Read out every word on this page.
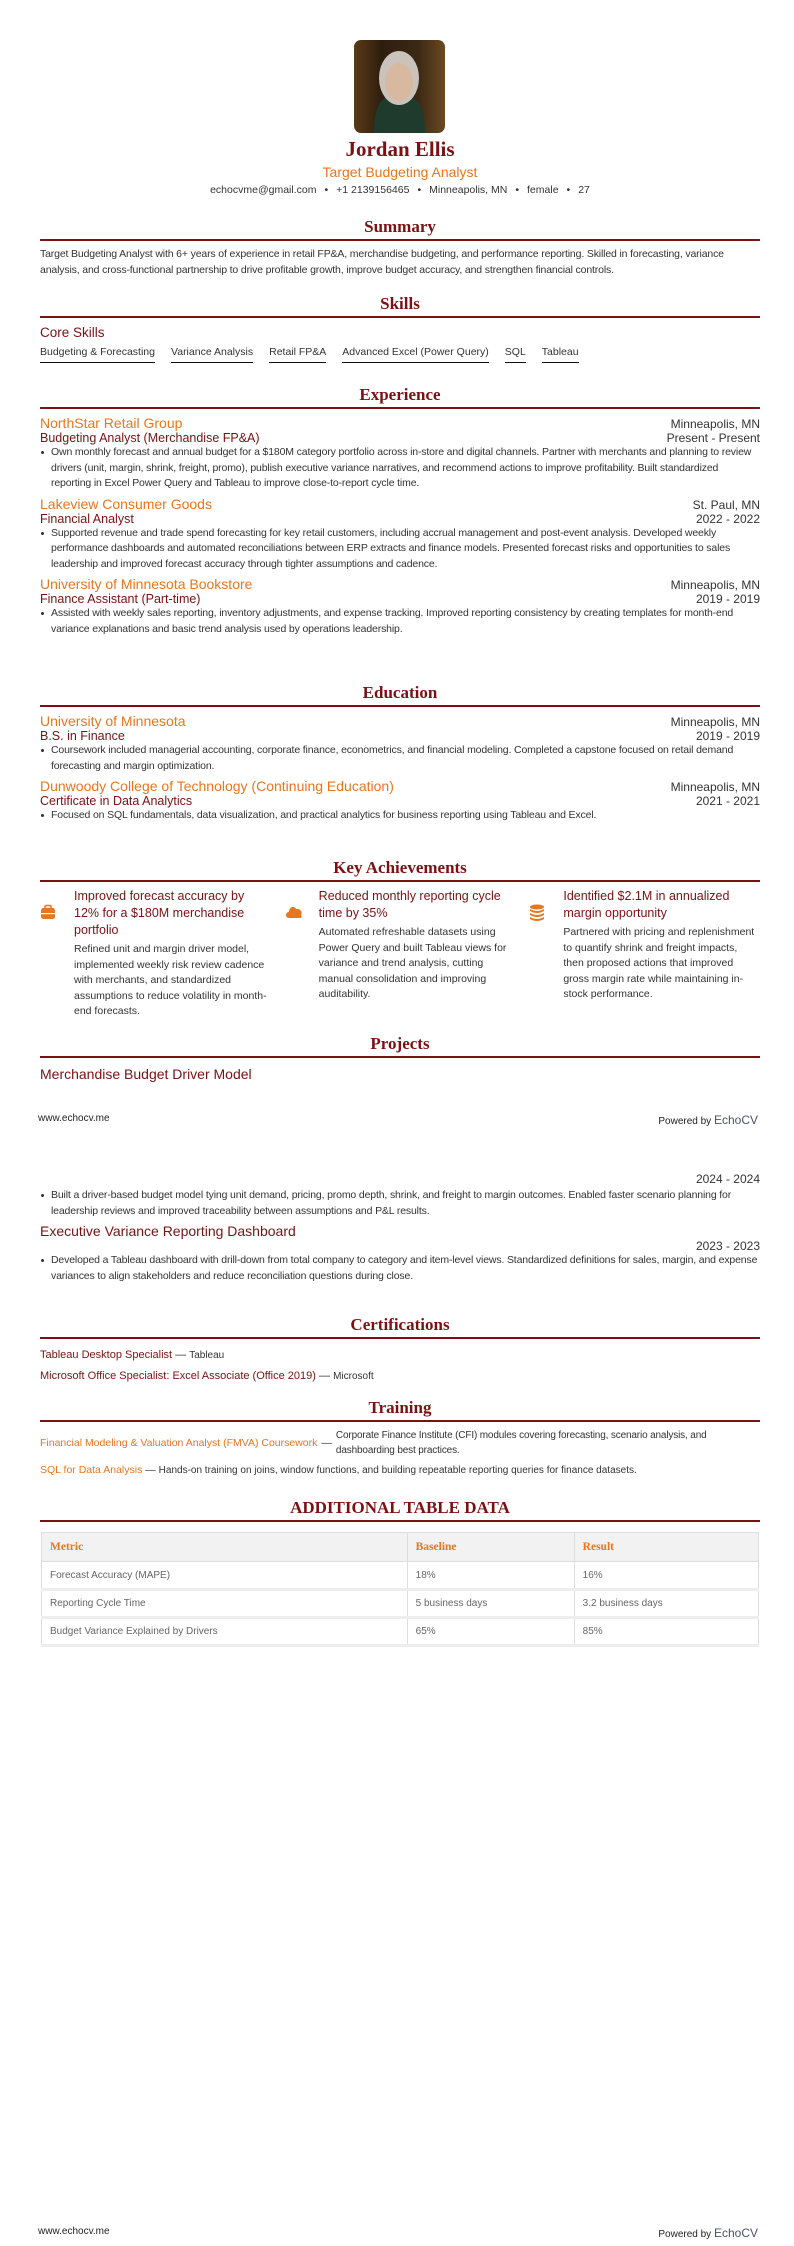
Jordan Ellis
Target Budgeting Analyst
echocvme@gmail.com • +1 2139156465 • Minneapolis, MN • female • 27
Summary
Target Budgeting Analyst with 6+ years of experience in retail FP&A, merchandise budgeting, and performance reporting. Skilled in forecasting, variance analysis, and cross-functional partnership to drive profitable growth, improve budget accuracy, and strengthen financial controls.
Skills
Core Skills
Budgeting & Forecasting Variance Analysis Retail FP&A Advanced Excel (Power Query) SQL Tableau
Experience
NorthStar Retail Group	Minneapolis, MN
Budgeting Analyst (Merchandise FP&A)	Present - Present
Own monthly forecast and annual budget for a $180M category portfolio across in-store and digital channels. Partner with merchants and planning to review drivers (unit, margin, shrink, freight, promo), publish executive variance narratives, and recommend actions to improve profitability. Built standardized reporting in Excel Power Query and Tableau to improve close-to-report cycle time.
Lakeview Consumer Goods	St. Paul, MN
Financial Analyst	2022 - 2022
Supported revenue and trade spend forecasting for key retail customers, including accrual management and post-event analysis. Developed weekly performance dashboards and automated reconciliations between ERP extracts and finance models. Presented forecast risks and opportunities to sales leadership and improved forecast accuracy through tighter assumptions and cadence.
University of Minnesota Bookstore	Minneapolis, MN
Finance Assistant (Part-time)	2019 - 2019
Assisted with weekly sales reporting, inventory adjustments, and expense tracking. Improved reporting consistency by creating templates for month-end variance explanations and basic trend analysis used by operations leadership.
Education
University of Minnesota	Minneapolis, MN
B.S. in Finance	2019 - 2019
Coursework included managerial accounting, corporate finance, econometrics, and financial modeling. Completed a capstone focused on retail demand forecasting and margin optimization.
Dunwoody College of Technology (Continuing Education)	Minneapolis, MN
Certificate in Data Analytics	2021 - 2021
Focused on SQL fundamentals, data visualization, and practical analytics for business reporting using Tableau and Excel.
Key Achievements
Improved forecast accuracy by 12% for a $180M merchandise portfolio
Refined unit and margin driver model, implemented weekly risk review cadence with merchants, and standardized assumptions to reduce volatility in month-end forecasts.
Reduced monthly reporting cycle time by 35%
Automated refreshable datasets using Power Query and built Tableau views for variance and trend analysis, cutting manual consolidation and improving auditability.
Identified $2.1M in annualized margin opportunity
Partnered with pricing and replenishment to quantify shrink and freight impacts, then proposed actions that improved gross margin rate while maintaining in-stock performance.
Projects
Merchandise Budget Driver Model
www.echocv.me	Powered by EchoCV
2024 - 2024
Built a driver-based budget model tying unit demand, pricing, promo depth, shrink, and freight to margin outcomes. Enabled faster scenario planning for leadership reviews and improved traceability between assumptions and P&L results.
Executive Variance Reporting Dashboard
2023 - 2023
Developed a Tableau dashboard with drill-down from total company to category and item-level views. Standardized definitions for sales, margin, and expense variances to align stakeholders and reduce reconciliation questions during close.
Certifications
Tableau Desktop Specialist — Tableau
Microsoft Office Specialist: Excel Associate (Office 2019) — Microsoft
Training
Financial Modeling & Valuation Analyst (FMVA) Coursework —
Corporate Finance Institute (CFI) modules covering forecasting, scenario analysis, and dashboarding best practices.
SQL for Data Analysis — Hands-on training on joins, window functions, and building repeatable reporting queries for finance datasets.
ADDITIONAL TABLE DATA
Metric	Baseline	Result
Forecast Accuracy (MAPE)	18%	16%
Reporting Cycle Time	5 business days	3.2 business days
Budget Variance Explained by Drivers	65%	85%
www.echocv.me	Powered by EchoCV
